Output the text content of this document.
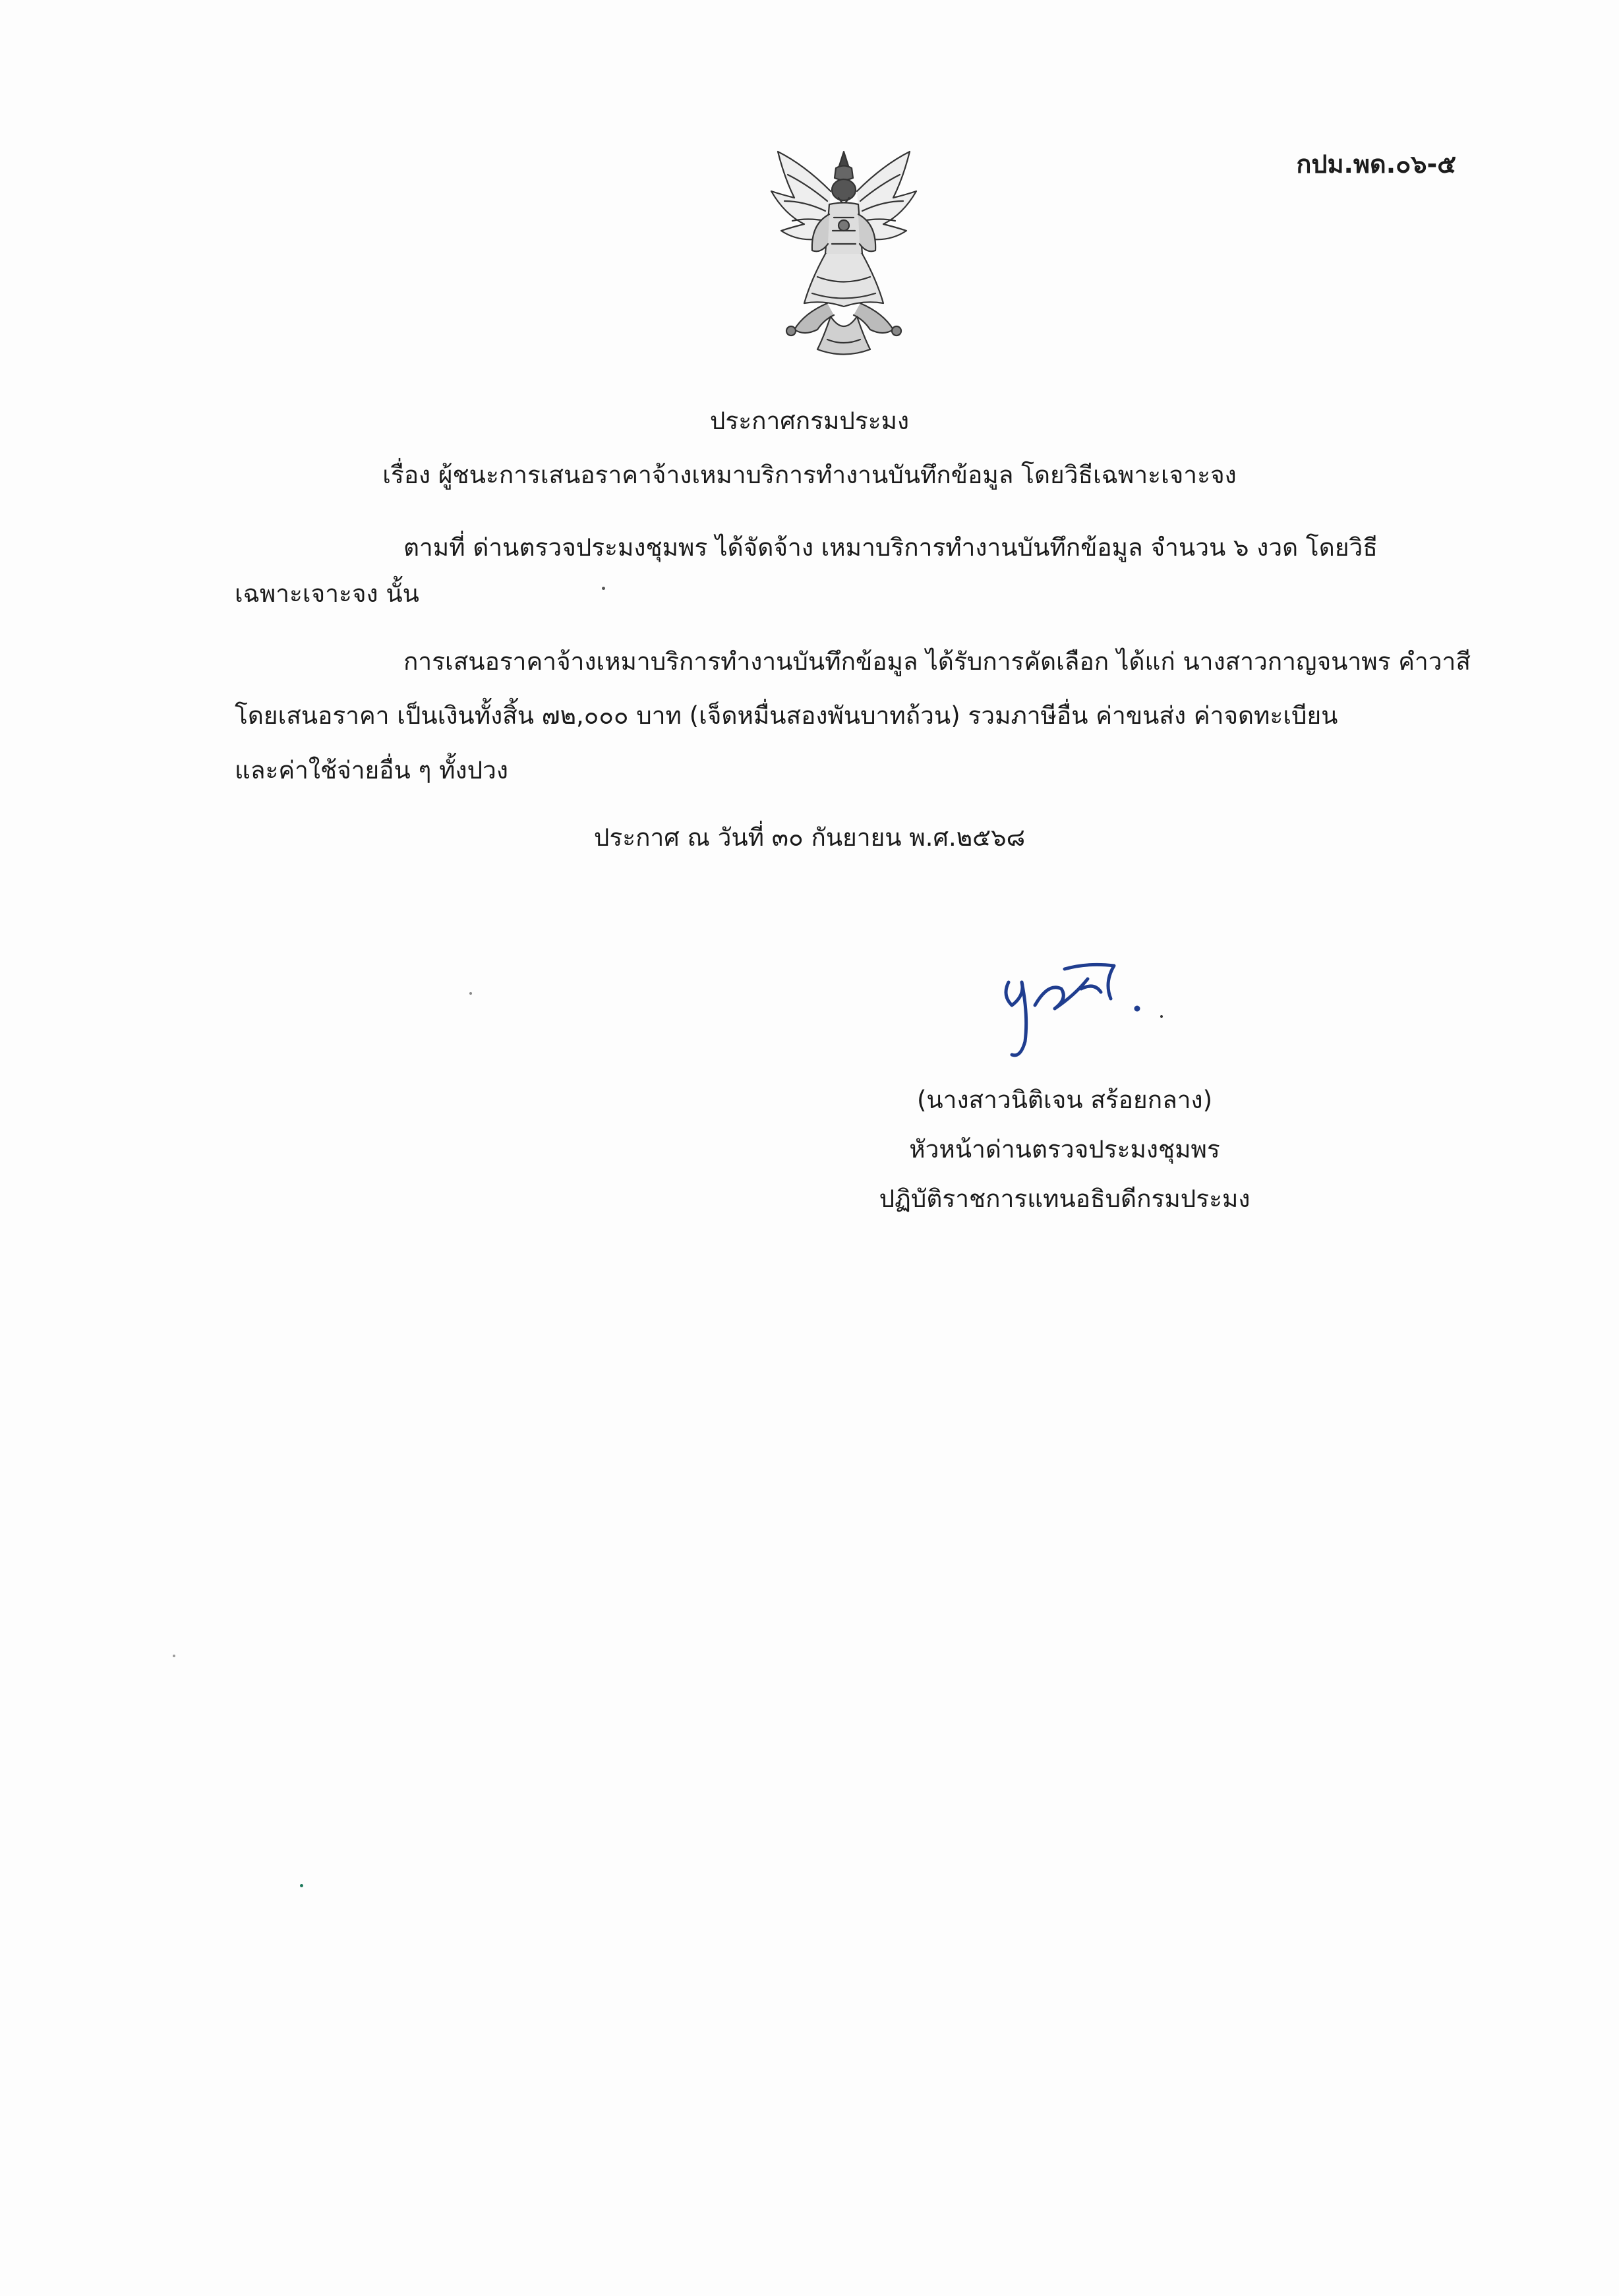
กปม.พด.๐๖-๕
ประกาศกรมประมง
เรื่อง ผู้ชนะการเสนอราคาจ้างเหมาบริการทำงานบันทึกข้อมูล โดยวิธีเฉพาะเจาะจง
ตามที่ ด่านตรวจประมงชุมพร ได้จัดจ้าง เหมาบริการทำงานบันทึกข้อมูล จำนวน ๖ งวด โดยวิธี
เฉพาะเจาะจง นั้น
การเสนอราคาจ้างเหมาบริการทำงานบันทึกข้อมูล ได้รับการคัดเลือก ได้แก่ นางสาวกาญจนาพร คำวาสี
โดยเสนอราคา เป็นเงินทั้งสิ้น ๗๒,๐๐๐ บาท (เจ็ดหมื่นสองพันบาทถ้วน) รวมภาษีอื่น ค่าขนส่ง ค่าจดทะเบียน
และค่าใช้จ่ายอื่น ๆ ทั้งปวง
ประกาศ ณ วันที่ ๓๐ กันยายน พ.ศ.๒๕๖๘
(นางสาวนิติเจน สร้อยกลาง)
หัวหน้าด่านตรวจประมงชุมพร
ปฏิบัติราชการแทนอธิบดีกรมประมง
